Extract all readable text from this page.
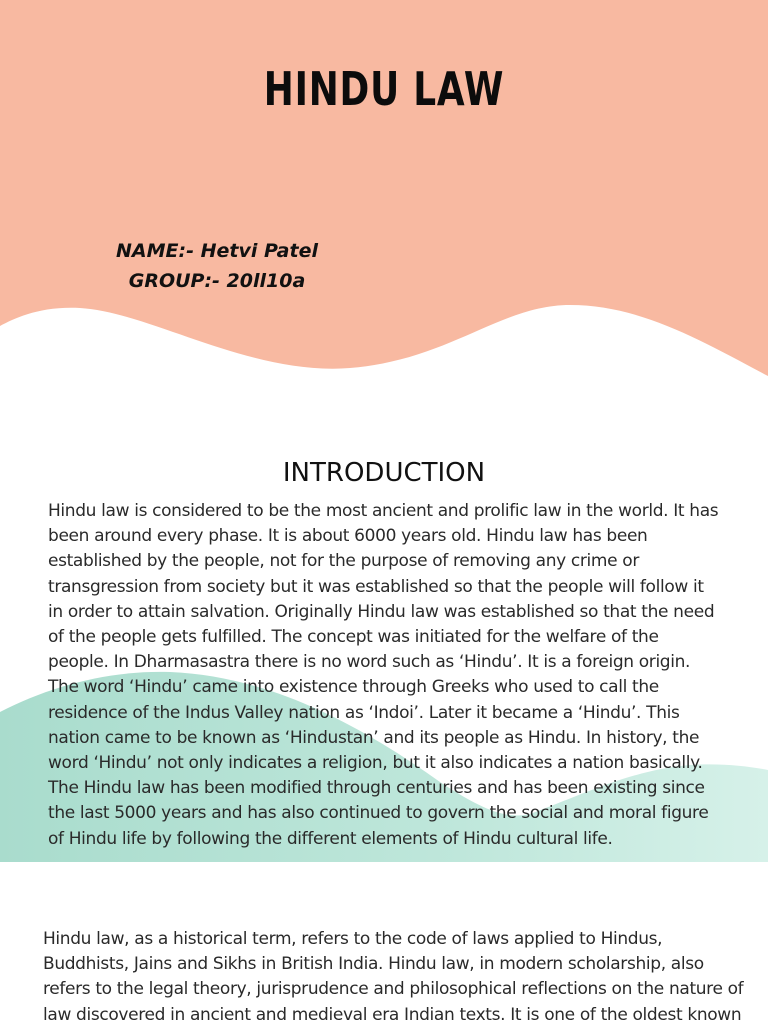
HINDU LAW
NAME:- Hetvi Patel
GROUP:- 20ll10a
INTRODUCTION

Hindu law is considered to be the most ancient and prolific law in the world. It has been around every phase. It is about 6000 years old. Hindu law has been established by the people, not for the purpose of removing any crime or transgression from society but it was established so that the people will follow it in order to attain salvation. Originally Hindu law was established so that the need of the people gets fulfilled. The concept was initiated for the welfare of the people. In Dharmasastra there is no word such as ‘Hindu’. It is a foreign origin. The word ‘Hindu’ came into existence through Greeks who used to call the residence of the Indus Valley nation as ‘Indoi’. Later it became a ‘Hindu’. This nation came to be known as ‘Hindustan’ and its people as Hindu. In history, the word ‘Hindu’ not only indicates a religion, but it also indicates a nation basically. The Hindu law has been modified through centuries and has been existing since the last 5000 years and has also continued to govern the social and moral figure of Hindu life by following the different elements of Hindu cultural life.

Hindu law, as a historical term, refers to the code of laws applied to Hindus, Buddhists, Jains and Sikhs in British India. Hindu law, in modern scholarship, also refers to the legal theory, jurisprudence and philosophical reflections on the nature of law discovered in ancient and medieval era Indian texts. It is one of the oldest known
